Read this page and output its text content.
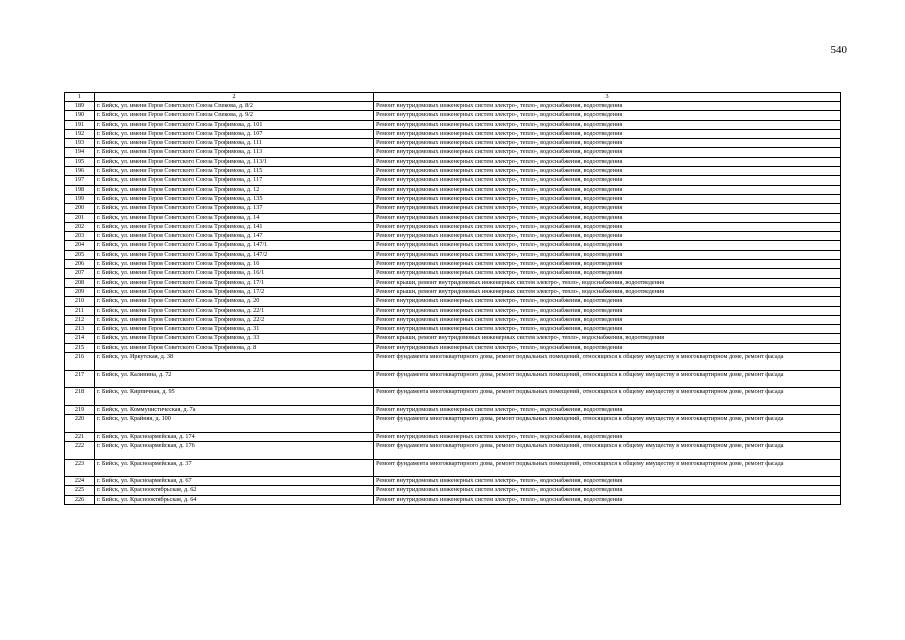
540
1	2	3
189	г. Бийск, ул. имени Героя Советского Союза Спекова, д. 8/2	Ремонт внутридомовых инженерных систем электро-, тепло-, водоснабжения, водоотведения
190	г. Бийск, ул. имени Героя Советского Союза Спекова, д. 9/2	Ремонт внутридомовых инженерных систем электро-, тепло-, водоснабжения, водоотведения
191	г. Бийск, ул. имени Героя Советского Союза Трофимова, д. 101	Ремонт внутридомовых инженерных систем электро-, тепло-, водоснабжения, водоотведения
192	г. Бийск, ул. имени Героя Советского Союза Трофимова, д. 107	Ремонт внутридомовых инженерных систем электро-, тепло-, водоснабжения, водоотведения
193	г. Бийск, ул. имени Героя Советского Союза Трофимова, д. 111	Ремонт внутридомовых инженерных систем электро-, тепло-, водоснабжения, водоотведения
194	г. Бийск, ул. имени Героя Советского Союза Трофимова, д. 113	Ремонт внутридомовых инженерных систем электро-, тепло-, водоснабжения, водоотведения
195	г. Бийск, ул. имени Героя Советского Союза Трофимова, д. 113/1	Ремонт внутридомовых инженерных систем электро-, тепло-, водоснабжения, водоотведения
196	г. Бийск, ул. имени Героя Советского Союза Трофимова, д. 115	Ремонт внутридомовых инженерных систем электро-, тепло-, водоснабжения, водоотведения
197	г. Бийск, ул. имени Героя Советского Союза Трофимова, д. 117	Ремонт внутридомовых инженерных систем электро-, тепло-, водоснабжения, водоотведения
198	г. Бийск, ул. имени Героя Советского Союза Трофимова, д. 12	Ремонт внутридомовых инженерных систем электро-, тепло-, водоснабжения, водоотведения
199	г. Бийск, ул. имени Героя Советского Союза Трофимова, д. 135	Ремонт внутридомовых инженерных систем электро-, тепло-, водоснабжения, водоотведения
200	г. Бийск, ул. имени Героя Советского Союза Трофимова, д. 137	Ремонт внутридомовых инженерных систем электро-, тепло-, водоснабжения, водоотведения
201	г. Бийск, ул. имени Героя Советского Союза Трофимова, д. 14	Ремонт внутридомовых инженерных систем электро-, тепло-, водоснабжения, водоотведения
202	г. Бийск, ул. имени Героя Советского Союза Трофимова, д. 141	Ремонт внутридомовых инженерных систем электро-, тепло-, водоснабжения, водоотведения
203	г. Бийск, ул. имени Героя Советского Союза Трофимова, д. 147	Ремонт внутридомовых инженерных систем электро-, тепло-, водоснабжения, водоотведения
204	г. Бийск, ул. имени Героя Советского Союза Трофимова, д. 147/1	Ремонт внутридомовых инженерных систем электро-, тепло-, водоснабжения, водоотведения
205	г. Бийск, ул. имени Героя Советского Союза Трофимова, д. 147/2	Ремонт внутридомовых инженерных систем электро-, тепло-, водоснабжения, водоотведения
206	г. Бийск, ул. имени Героя Советского Союза Трофимова, д. 16	Ремонт внутридомовых инженерных систем электро-, тепло-, водоснабжения, водоотведения
207	г. Бийск, ул. имени Героя Советского Союза Трофимова, д. 16/1	Ремонт внутридомовых инженерных систем электро-, тепло-, водоснабжения, водоотведения
208	г. Бийск, ул. имени Героя Советского Союза Трофимова, д. 17/1	Ремонт крыши, ремонт внутридомовых инженерных систем электро-, тепло-, водоснабжения, водоотведения
209	г. Бийск, ул. имени Героя Советского Союза Трофимова, д. 17/2	Ремонт крыши, ремонт внутридомовых инженерных систем электро-, тепло-, водоснабжения, водоотведения
210	г. Бийск, ул. имени Героя Советского Союза Трофимова, д. 20	Ремонт внутридомовых инженерных систем электро-, тепло-, водоснабжения, водоотведения
211	г. Бийск, ул. имени Героя Советского Союза Трофимова, д. 22/1	Ремонт внутридомовых инженерных систем электро-, тепло-, водоснабжения, водоотведения
212	г. Бийск, ул. имени Героя Советского Союза Трофимова, д. 22/2	Ремонт внутридомовых инженерных систем электро-, тепло-, водоснабжения, водоотведения
213	г. Бийск, ул. имени Героя Советского Союза Трофимова, д. 31	Ремонт внутридомовых инженерных систем электро-, тепло-, водоснабжения, водоотведения
214	г. Бийск, ул. имени Героя Советского Союза Трофимова, д. 33	Ремонт крыши, ремонт внутридомовых инженерных систем электро-, тепло-, водоснабжения, водоотведения
215	г. Бийск, ул. имени Героя Советского Союза Трофимова, д. 8	Ремонт внутридомовых инженерных систем электро-, тепло-, водоснабжения, водоотведения
216	г. Бийск, ул. Иркутская, д. 38	Ремонт фундамента многоквартирного дома, ремонт подвальных помещений, относящихся к общему имуществу в многоквартирном доме, ремонт фасада
217	г. Бийск, ул. Калинина, д. 72	Ремонт фундамента многоквартирного дома, ремонт подвальных помещений, относящихся к общему имуществу в многоквартирном доме, ремонт фасада
218	г. Бийск, ул. Кирпичная, д. 95	Ремонт фундамента многоквартирного дома, ремонт подвальных помещений, относящихся к общему имуществу в многоквартирном доме, ремонт фасада
219	г. Бийск, ул. Коммунистическая, д. 7а	Ремонт внутридомовых инженерных систем электро-, тепло-, водоснабжения, водоотведения
220	г. Бийск, ул. Крайняя, д. 100	Ремонт фундамента многоквартирного дома, ремонт подвальных помещений, относящихся к общему имуществу в многоквартирном доме, ремонт фасада
221	г. Бийск, ул. Красноармейская, д. 174	Ремонт внутридомовых инженерных систем электро-, тепло-, водоснабжения, водоотведения
222	г. Бийск, ул. Красноармейская, д. 176	Ремонт фундамента многоквартирного дома, ремонт подвальных помещений, относящихся к общему имуществу в многоквартирном доме, ремонт фасада
223	г. Бийск, ул. Красноармейская, д. 37	Ремонт фундамента многоквартирного дома, ремонт подвальных помещений, относящихся к общему имуществу в многоквартирном доме, ремонт фасада
224	г. Бийск, ул. Красноармейская, д. 67	Ремонт внутридомовых инженерных систем электро-, тепло-, водоснабжения, водоотведения
225	г. Бийск, ул. Краснооктябрьская, д. 62	Ремонт внутридомовых инженерных систем электро-, тепло-, водоснабжения, водоотведения
226	г. Бийск, ул. Краснооктябрьская, д. 64	Ремонт внутридомовых инженерных систем электро-, тепло-, водоснабжения, водоотведения
